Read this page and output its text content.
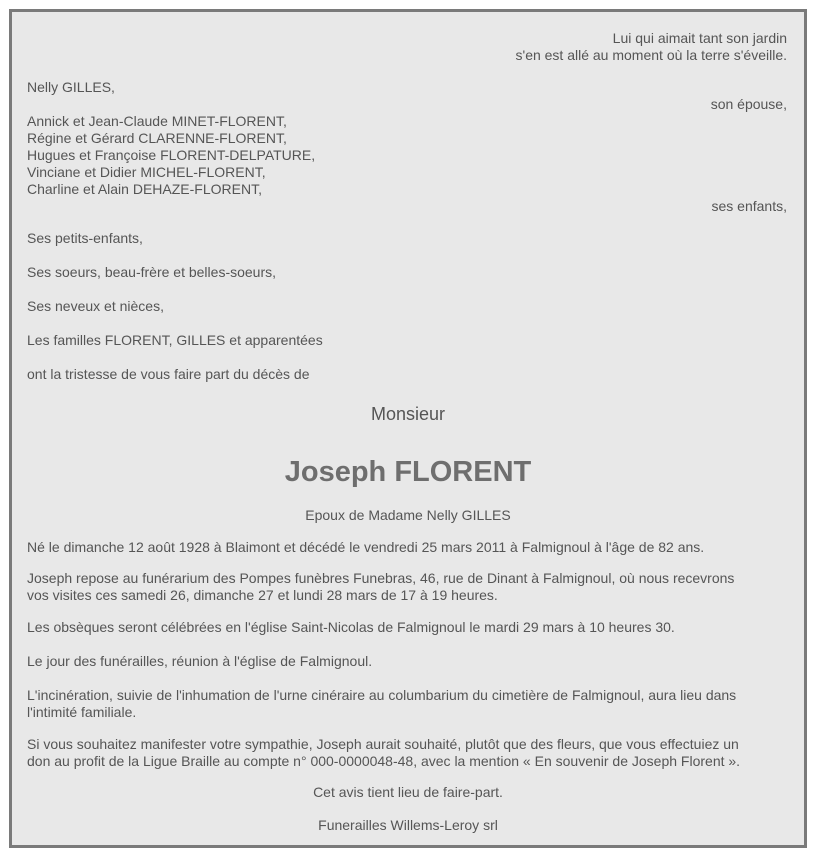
Lui qui aimait tant son jardin
s'en est allé au moment où la terre s'éveille.
Nelly GILLES,
son épouse,
Annick et Jean-Claude MINET-FLORENT,
Régine et Gérard CLARENNE-FLORENT,
Hugues et Françoise FLORENT-DELPATURE,
Vinciane et Didier MICHEL-FLORENT,
Charline et Alain DEHAZE-FLORENT,
ses enfants,
Ses petits-enfants,
Ses soeurs, beau-frère et belles-soeurs,
Ses neveux et nièces,
Les familles FLORENT, GILLES et apparentées
ont la tristesse de vous faire part du décès de
Monsieur
Joseph FLORENT
Epoux de Madame Nelly GILLES
Né le dimanche 12 août 1928 à Blaimont et décédé le vendredi 25 mars 2011 à Falmignoul à l'âge de 82 ans.
Joseph repose au funérarium des Pompes funèbres Funebras, 46, rue de Dinant à Falmignoul, où nous recevrons
vos visites ces samedi 26, dimanche 27 et lundi 28 mars de 17 à 19 heures.
Les obsèques seront célébrées en l'église Saint-Nicolas de Falmignoul le mardi 29 mars à 10 heures 30.
Le jour des funérailles, réunion à l'église de Falmignoul.
L'incinération, suivie de l'inhumation de l'urne cinéraire au columbarium du cimetière de Falmignoul, aura lieu dans
l'intimité familiale.
Si vous souhaitez manifester votre sympathie, Joseph aurait souhaité, plutôt que des fleurs, que vous effectuiez un
don au profit de la Ligue Braille au compte n° 000-0000048-48, avec la mention « En souvenir de Joseph Florent ».
Cet avis tient lieu de faire-part.
Funerailles Willems-Leroy srl
